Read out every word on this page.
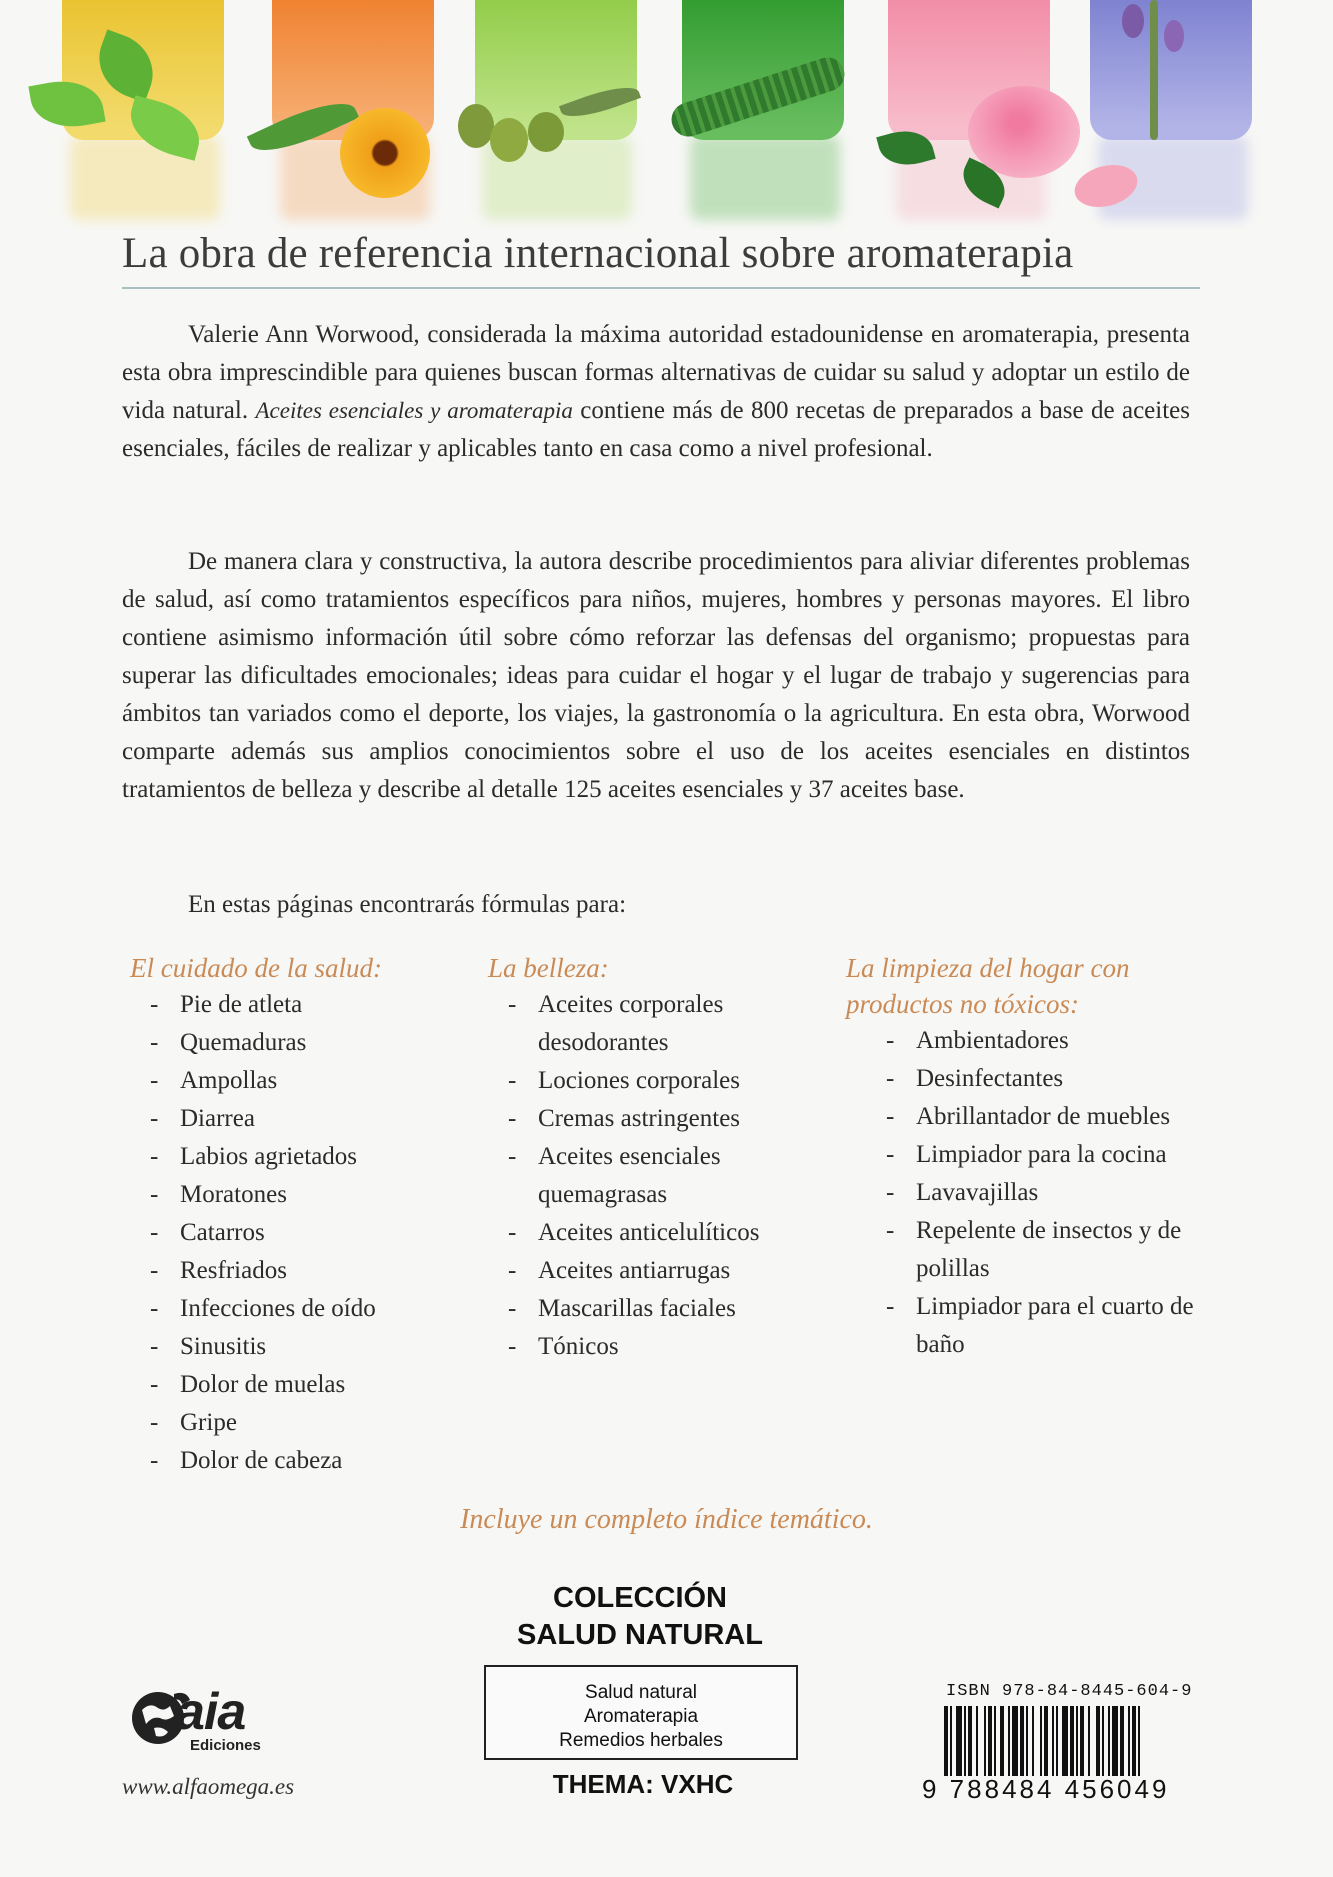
La obra de referencia internacional sobre aromaterapia

Valerie Ann Worwood, considerada la máxima autoridad estadounidense en aromaterapia, presenta esta obra imprescindible para quienes buscan formas alternativas de cuidar su salud y adoptar un estilo de vida natural. Aceites esenciales y aromaterapia contiene más de 800 recetas de preparados a base de aceites esenciales, fáciles de realizar y aplicables tanto en casa como a nivel profesional.

De manera clara y constructiva, la autora describe procedimientos para aliviar diferentes problemas de salud, así como tratamientos específicos para niños, mujeres, hombres y personas mayores. El libro contiene asimismo información útil sobre cómo reforzar las defensas del organismo; propuestas para superar las dificultades emocionales; ideas para cuidar el hogar y el lugar de trabajo y sugerencias para ámbitos tan variados como el deporte, los viajes, la gastronomía o la agricultura. En esta obra, Worwood comparte además sus amplios conocimientos sobre el uso de los aceites esenciales en distintos tratamientos de belleza y describe al detalle 125 aceites esenciales y 37 aceites base.

En estas páginas encontrarás fórmulas para:

El cuidado de la salud:
- Pie de atleta
- Quemaduras
- Ampollas
- Diarrea
- Labios agrietados
- Moratones
- Catarros
- Resfriados
- Infecciones de oído
- Sinusitis
- Dolor de muelas
- Gripe
- Dolor de cabeza
La belleza:
- Aceites corporales desodorantes
- Lociones corporales
- Cremas astringentes
- Aceites esenciales quemagrasas
- Aceites anticelulíticos
- Aceites antiarrugas
- Mascarillas faciales
- Tónicos
La limpieza del hogar con
productos no tóxicos:
- Ambientadores
- Desinfectantes
- Abrillantador de muebles
- Limpiador para la cocina
- Lavavajillas
- Repelente de insectos y de polillas
- Limpiador para el cuarto de baño
Incluye un completo índice temático.
COLECCIÓN
SALUD NATURAL
Salud natural
Aromaterapia
Remedios herbales
THEMA: VXHC
aia
Ediciones
www.alfaomega.es
ISBN 978-84-8445-604-9
9 788484 456049
